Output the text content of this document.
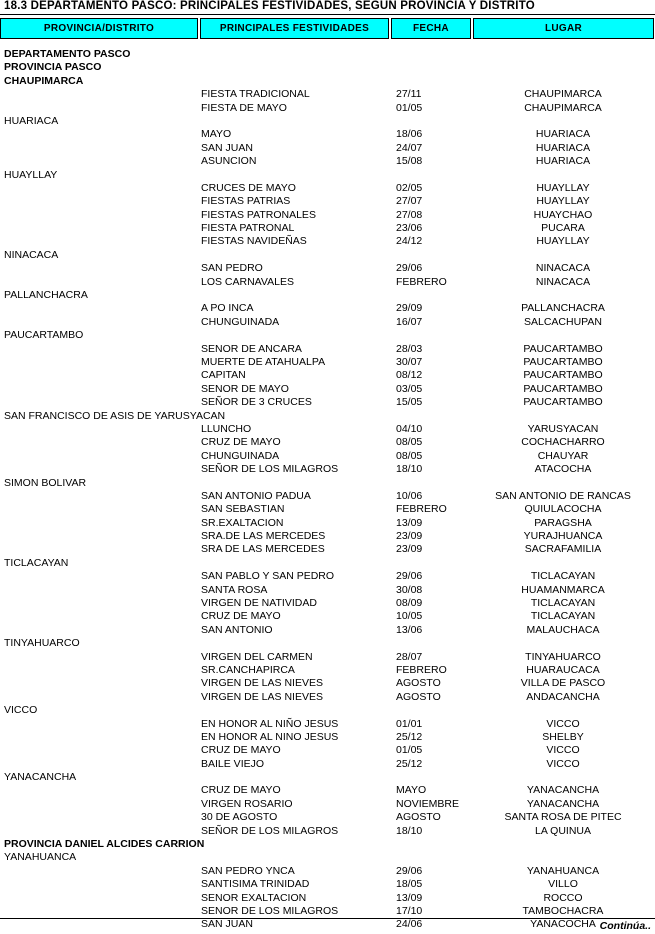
18.3 DEPARTAMENTO PASCO: PRINCIPALES FESTIVIDADES, SEGUN PROVINCIA Y DISTRITO
PROVINCIA/DISTRITO	PRINCIPALES FESTIVIDADES	FECHA	LUGAR
DEPARTAMENTO PASCO
PROVINCIA PASCO
CHAUPIMARCA
FIESTA TRADICIONAL	27/11	CHAUPIMARCA
FIESTA DE MAYO	01/05	CHAUPIMARCA
HUARIACA
MAYO	18/06	HUARIACA
SAN JUAN	24/07	HUARIACA
ASUNCION	15/08	HUARIACA
HUAYLLAY
CRUCES DE MAYO	02/05	HUAYLLAY
FIESTAS PATRIAS	27/07	HUAYLLAY
FIESTAS PATRONALES	27/08	HUAYCHAO
FIESTA PATRONAL	23/06	PUCARA
FIESTAS NAVIDEÑAS	24/12	HUAYLLAY
NINACACA
SAN PEDRO	29/06	NINACACA
LOS CARNAVALES	FEBRERO	NINACACA
PALLANCHACRA
A PO INCA	29/09	PALLANCHACRA
CHUNGUINADA	16/07	SALCACHUPAN
PAUCARTAMBO
SENOR DE ANCARA	28/03	PAUCARTAMBO
MUERTE DE ATAHUALPA	30/07	PAUCARTAMBO
CAPITAN	08/12	PAUCARTAMBO
SENOR DE MAYO	03/05	PAUCARTAMBO
SEÑOR DE 3 CRUCES	15/05	PAUCARTAMBO
SAN FRANCISCO DE ASIS DE YARUSYACAN
LLUNCHO	04/10	YARUSYACAN
CRUZ DE MAYO	08/05	COCHACHARRO
CHUNGUINADA	08/05	CHAUYAR
SEÑOR DE LOS MILAGROS	18/10	ATACOCHA
SIMON BOLIVAR
SAN ANTONIO PADUA	10/06	SAN ANTONIO DE RANCAS
SAN SEBASTIAN	FEBRERO	QUIULACOCHA
SR.EXALTACION	13/09	PARAGSHA
SRA.DE LAS MERCEDES	23/09	YURAJHUANCA
SRA DE LAS MERCEDES	23/09	SACRAFAMILIA
TICLACAYAN
SAN PABLO Y SAN PEDRO	29/06	TICLACAYAN
SANTA ROSA	30/08	HUAMANMARCA
VIRGEN DE NATIVIDAD	08/09	TICLACAYAN
CRUZ DE MAYO	10/05	TICLACAYAN
SAN ANTONIO	13/06	MALAUCHACA
TINYAHUARCO
VIRGEN DEL CARMEN	28/07	TINYAHUARCO
SR.CANCHAPIRCA	FEBRERO	HUARAUCACA
VIRGEN DE LAS NIEVES	AGOSTO	VILLA DE PASCO
VIRGEN DE LAS NIEVES	AGOSTO	ANDACANCHA
VICCO
EN HONOR AL NIÑO JESUS	01/01	VICCO
EN HONOR AL NINO JESUS	25/12	SHELBY
CRUZ DE MAYO	01/05	VICCO
BAILE VIEJO	25/12	VICCO
YANACANCHA
CRUZ DE MAYO	MAYO	YANACANCHA
VIRGEN ROSARIO	NOVIEMBRE	YANACANCHA
30 DE AGOSTO	AGOSTO	SANTA ROSA DE PITEC
SEÑOR DE LOS MILAGROS	18/10	LA QUINUA
PROVINCIA DANIEL ALCIDES CARRION
YANAHUANCA
SAN PEDRO YNCA	29/06	YANAHUANCA
SANTISIMA TRINIDAD	18/05	VILLO
SENOR EXALTACION	13/09	ROCCO
SENOR DE LOS MILAGROS	17/10	TAMBOCHACRA
SAN JUAN	24/06	YANACOCHA Continúa..
